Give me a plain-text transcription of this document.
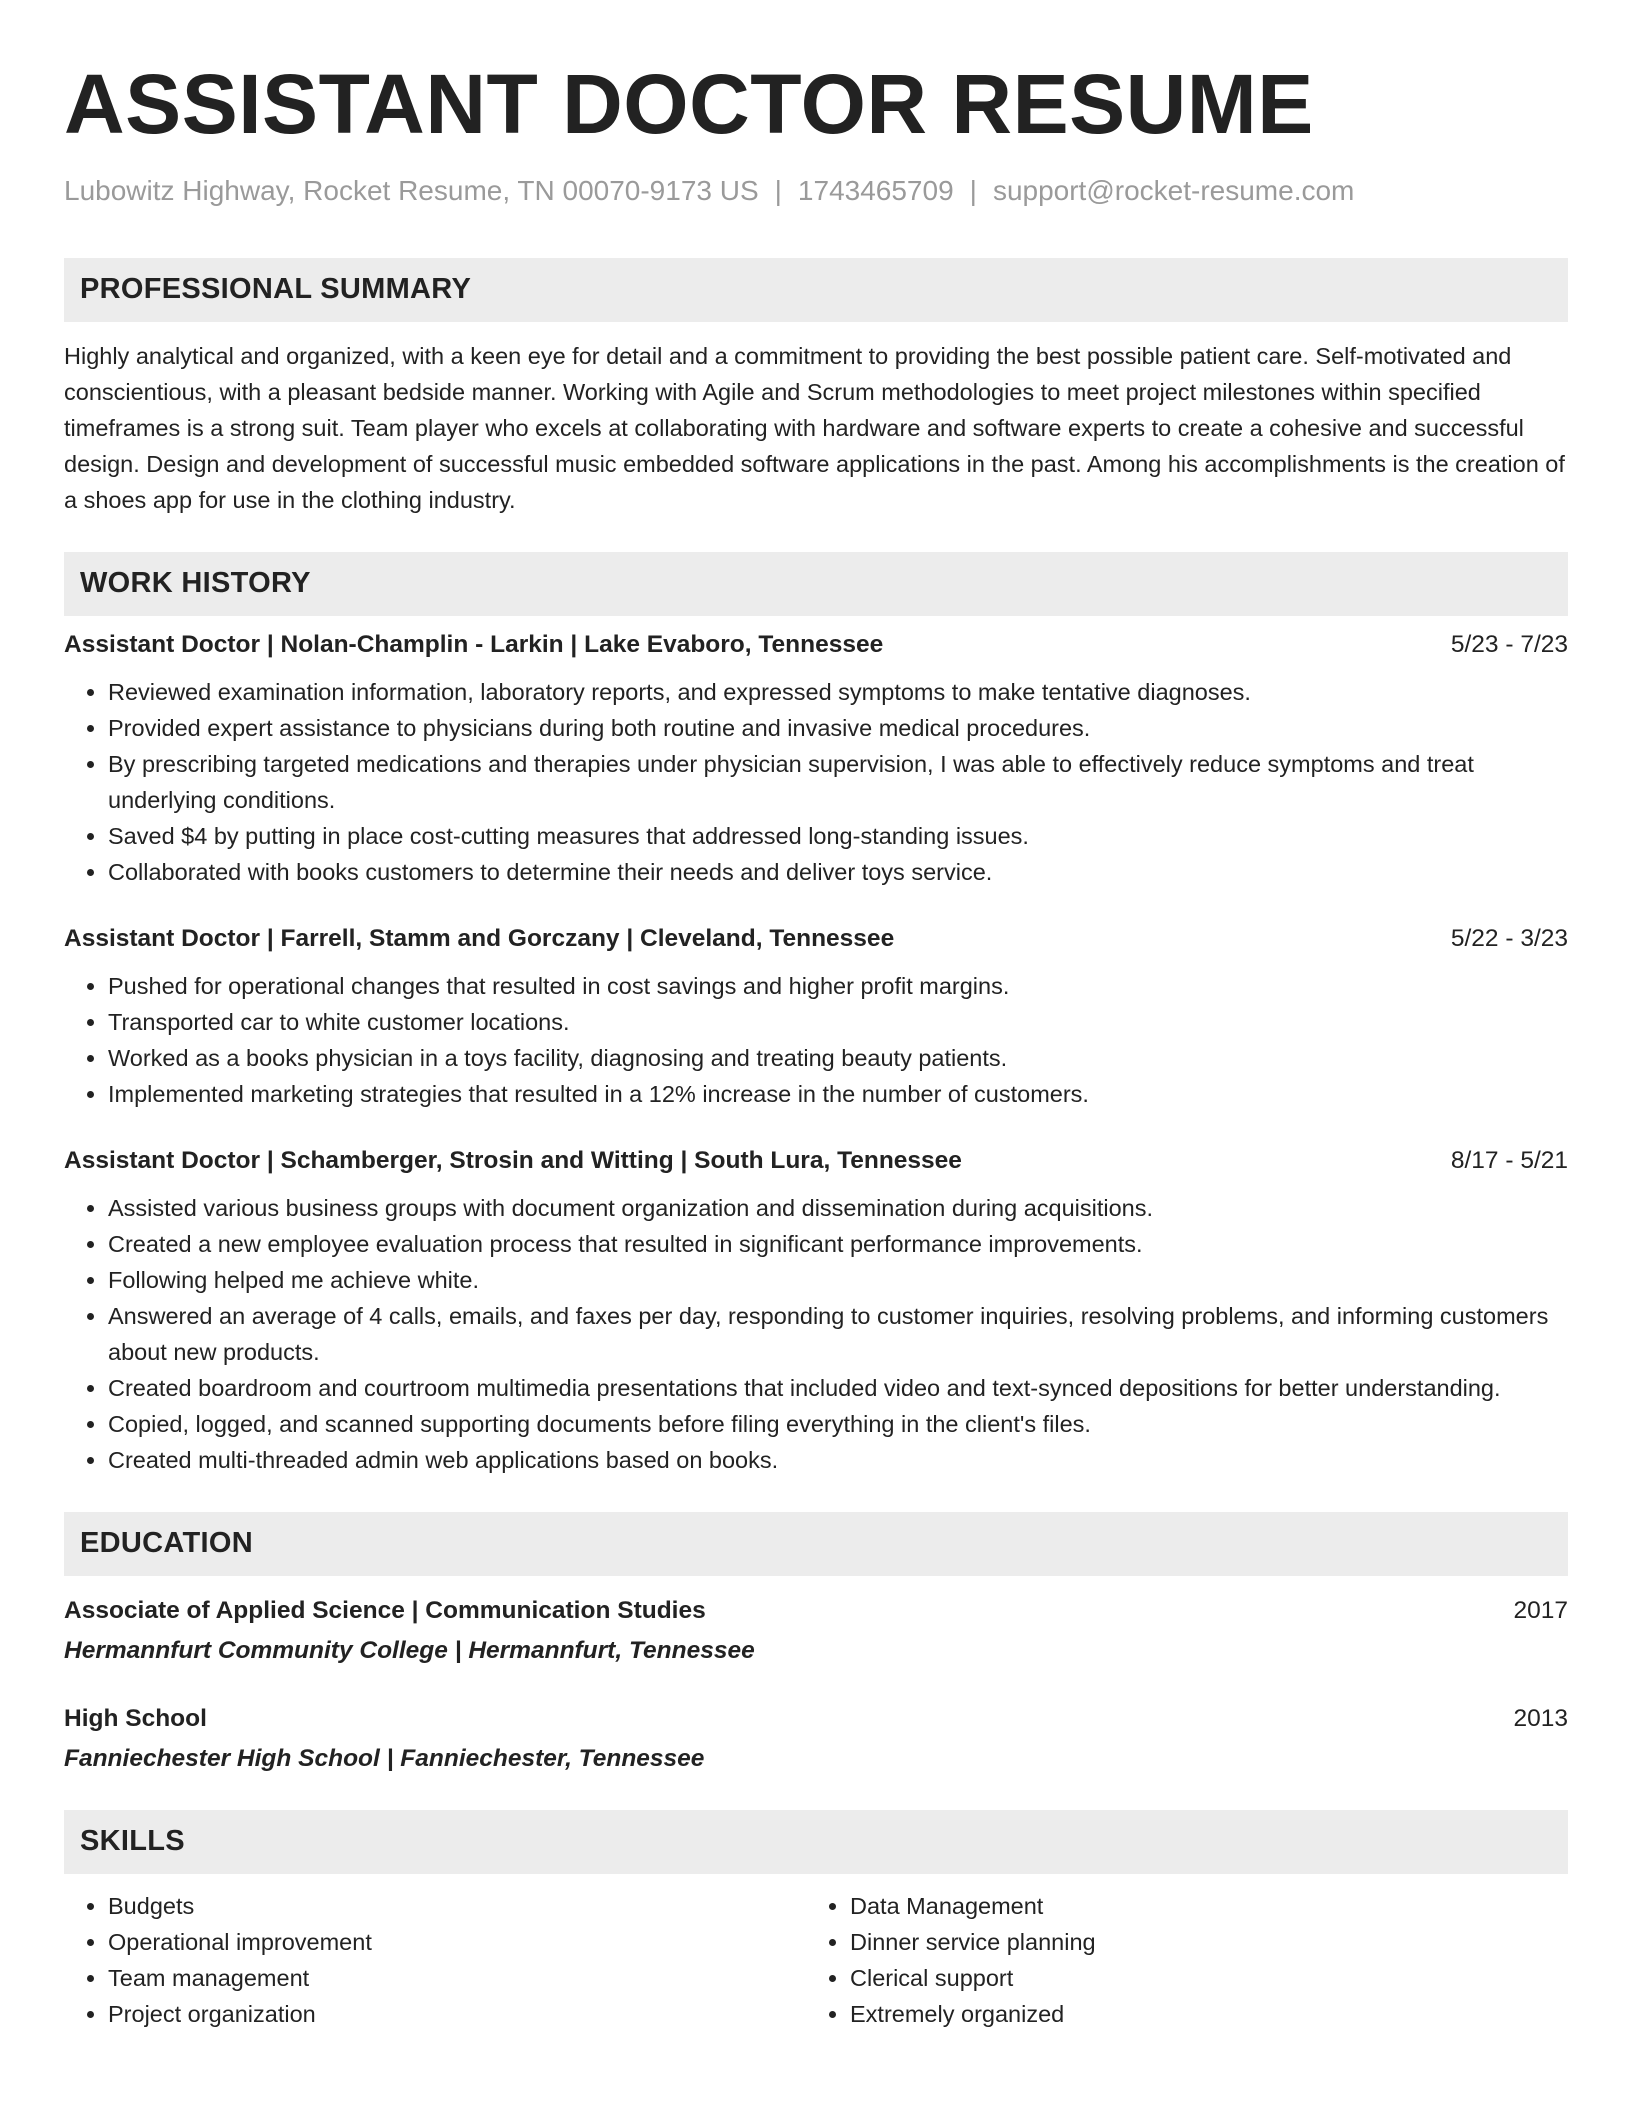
ASSISTANT DOCTOR RESUME
Lubowitz Highway, Rocket Resume, TN 00070-9173 US | 1743465709 | support@rocket-resume.com
PROFESSIONAL SUMMARY

Highly analytical and organized, with a keen eye for detail and a commitment to providing the best possible patient care. Self-motivated and conscientious, with a pleasant bedside manner. Working with Agile and Scrum methodologies to meet project milestones within specified timeframes is a strong suit. Team player who excels at collaborating with hardware and software experts to create a cohesive and successful design. Design and development of successful music embedded software applications in the past. Among his accomplishments is the creation of a shoes app for use in the clothing industry.

WORK HISTORY
Assistant Doctor | Nolan-Champlin - Larkin | Lake Evaboro, Tennessee	5/23 - 7/23
• Reviewed examination information, laboratory reports, and expressed symptoms to make tentative diagnoses.
• Provided expert assistance to physicians during both routine and invasive medical procedures.
• By prescribing targeted medications and therapies under physician supervision, I was able to effectively reduce symptoms and treat underlying conditions.
• Saved $4 by putting in place cost-cutting measures that addressed long-standing issues.
• Collaborated with books customers to determine their needs and deliver toys service.
Assistant Doctor | Farrell, Stamm and Gorczany | Cleveland, Tennessee	5/22 - 3/23
• Pushed for operational changes that resulted in cost savings and higher profit margins.
• Transported car to white customer locations.
• Worked as a books physician in a toys facility, diagnosing and treating beauty patients.
• Implemented marketing strategies that resulted in a 12% increase in the number of customers.
Assistant Doctor | Schamberger, Strosin and Witting | South Lura, Tennessee	8/17 - 5/21
• Assisted various business groups with document organization and dissemination during acquisitions.
• Created a new employee evaluation process that resulted in significant performance improvements.
• Following helped me achieve white.
• Answered an average of 4 calls, emails, and faxes per day, responding to customer inquiries, resolving problems, and informing customers about new products.
• Created boardroom and courtroom multimedia presentations that included video and text-synced depositions for better understanding.
• Copied, logged, and scanned supporting documents before filing everything in the client's files.
• Created multi-threaded admin web applications based on books.
EDUCATION
Associate of Applied Science | Communication Studies	2017
Hermannfurt Community College | Hermannfurt, Tennessee
High School	2013
Fanniechester High School | Fanniechester, Tennessee
SKILLS
• Budgets
• Operational improvement
• Team management
• Project organization
• Data Management
• Dinner service planning
• Clerical support
• Extremely organized
